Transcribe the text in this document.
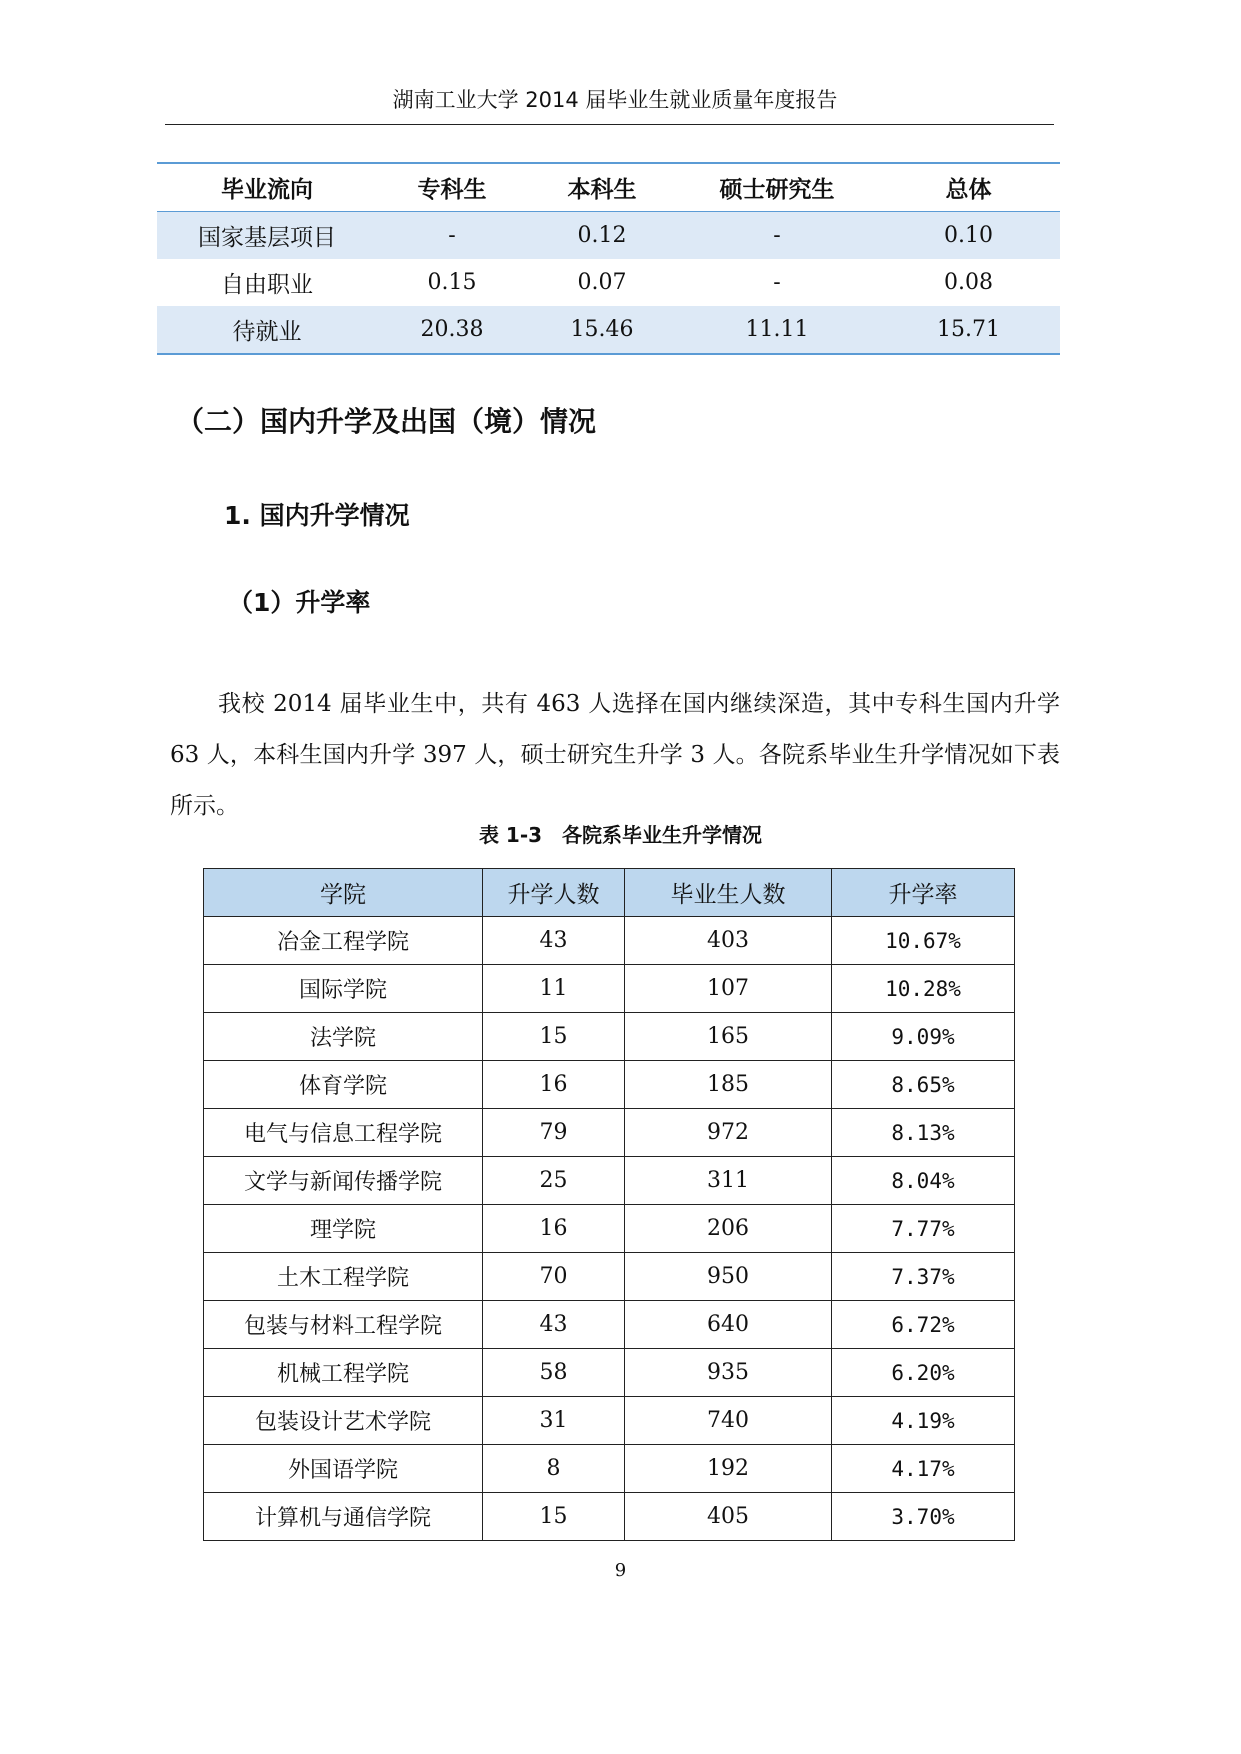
湖南工业大学 2014 届毕业生就业质量年度报告
毕业流向	专科生	本科生	硕士研究生	总体
国家基层项目	-	0.12	-	0.10
自由职业	0.15	0.07	-	0.08
待就业	20.38	15.46	11.11	15.71
（二）国内升学及出国（境）情况
1. 国内升学情况
（1）升学率

我校 2014 届毕业生中，共有 463 人选择在国内继续深造，其中专科生国内升学 63 人，本科生国内升学 397 人，硕士研究生升学 3 人。各院系毕业生升学情况如下表所示。

表 1-3　各院系毕业生升学情况
学院	升学人数	毕业生人数	升学率
冶金工程学院	43	403	10.67%
国际学院	11	107	10.28%
法学院	15	165	9.09%
体育学院	16	185	8.65%
电气与信息工程学院	79	972	8.13%
文学与新闻传播学院	25	311	8.04%
理学院	16	206	7.77%
土木工程学院	70	950	7.37%
包装与材料工程学院	43	640	6.72%
机械工程学院	58	935	6.20%
包装设计艺术学院	31	740	4.19%
外国语学院	8	192	4.17%
计算机与通信学院	15	405	3.70%
9
